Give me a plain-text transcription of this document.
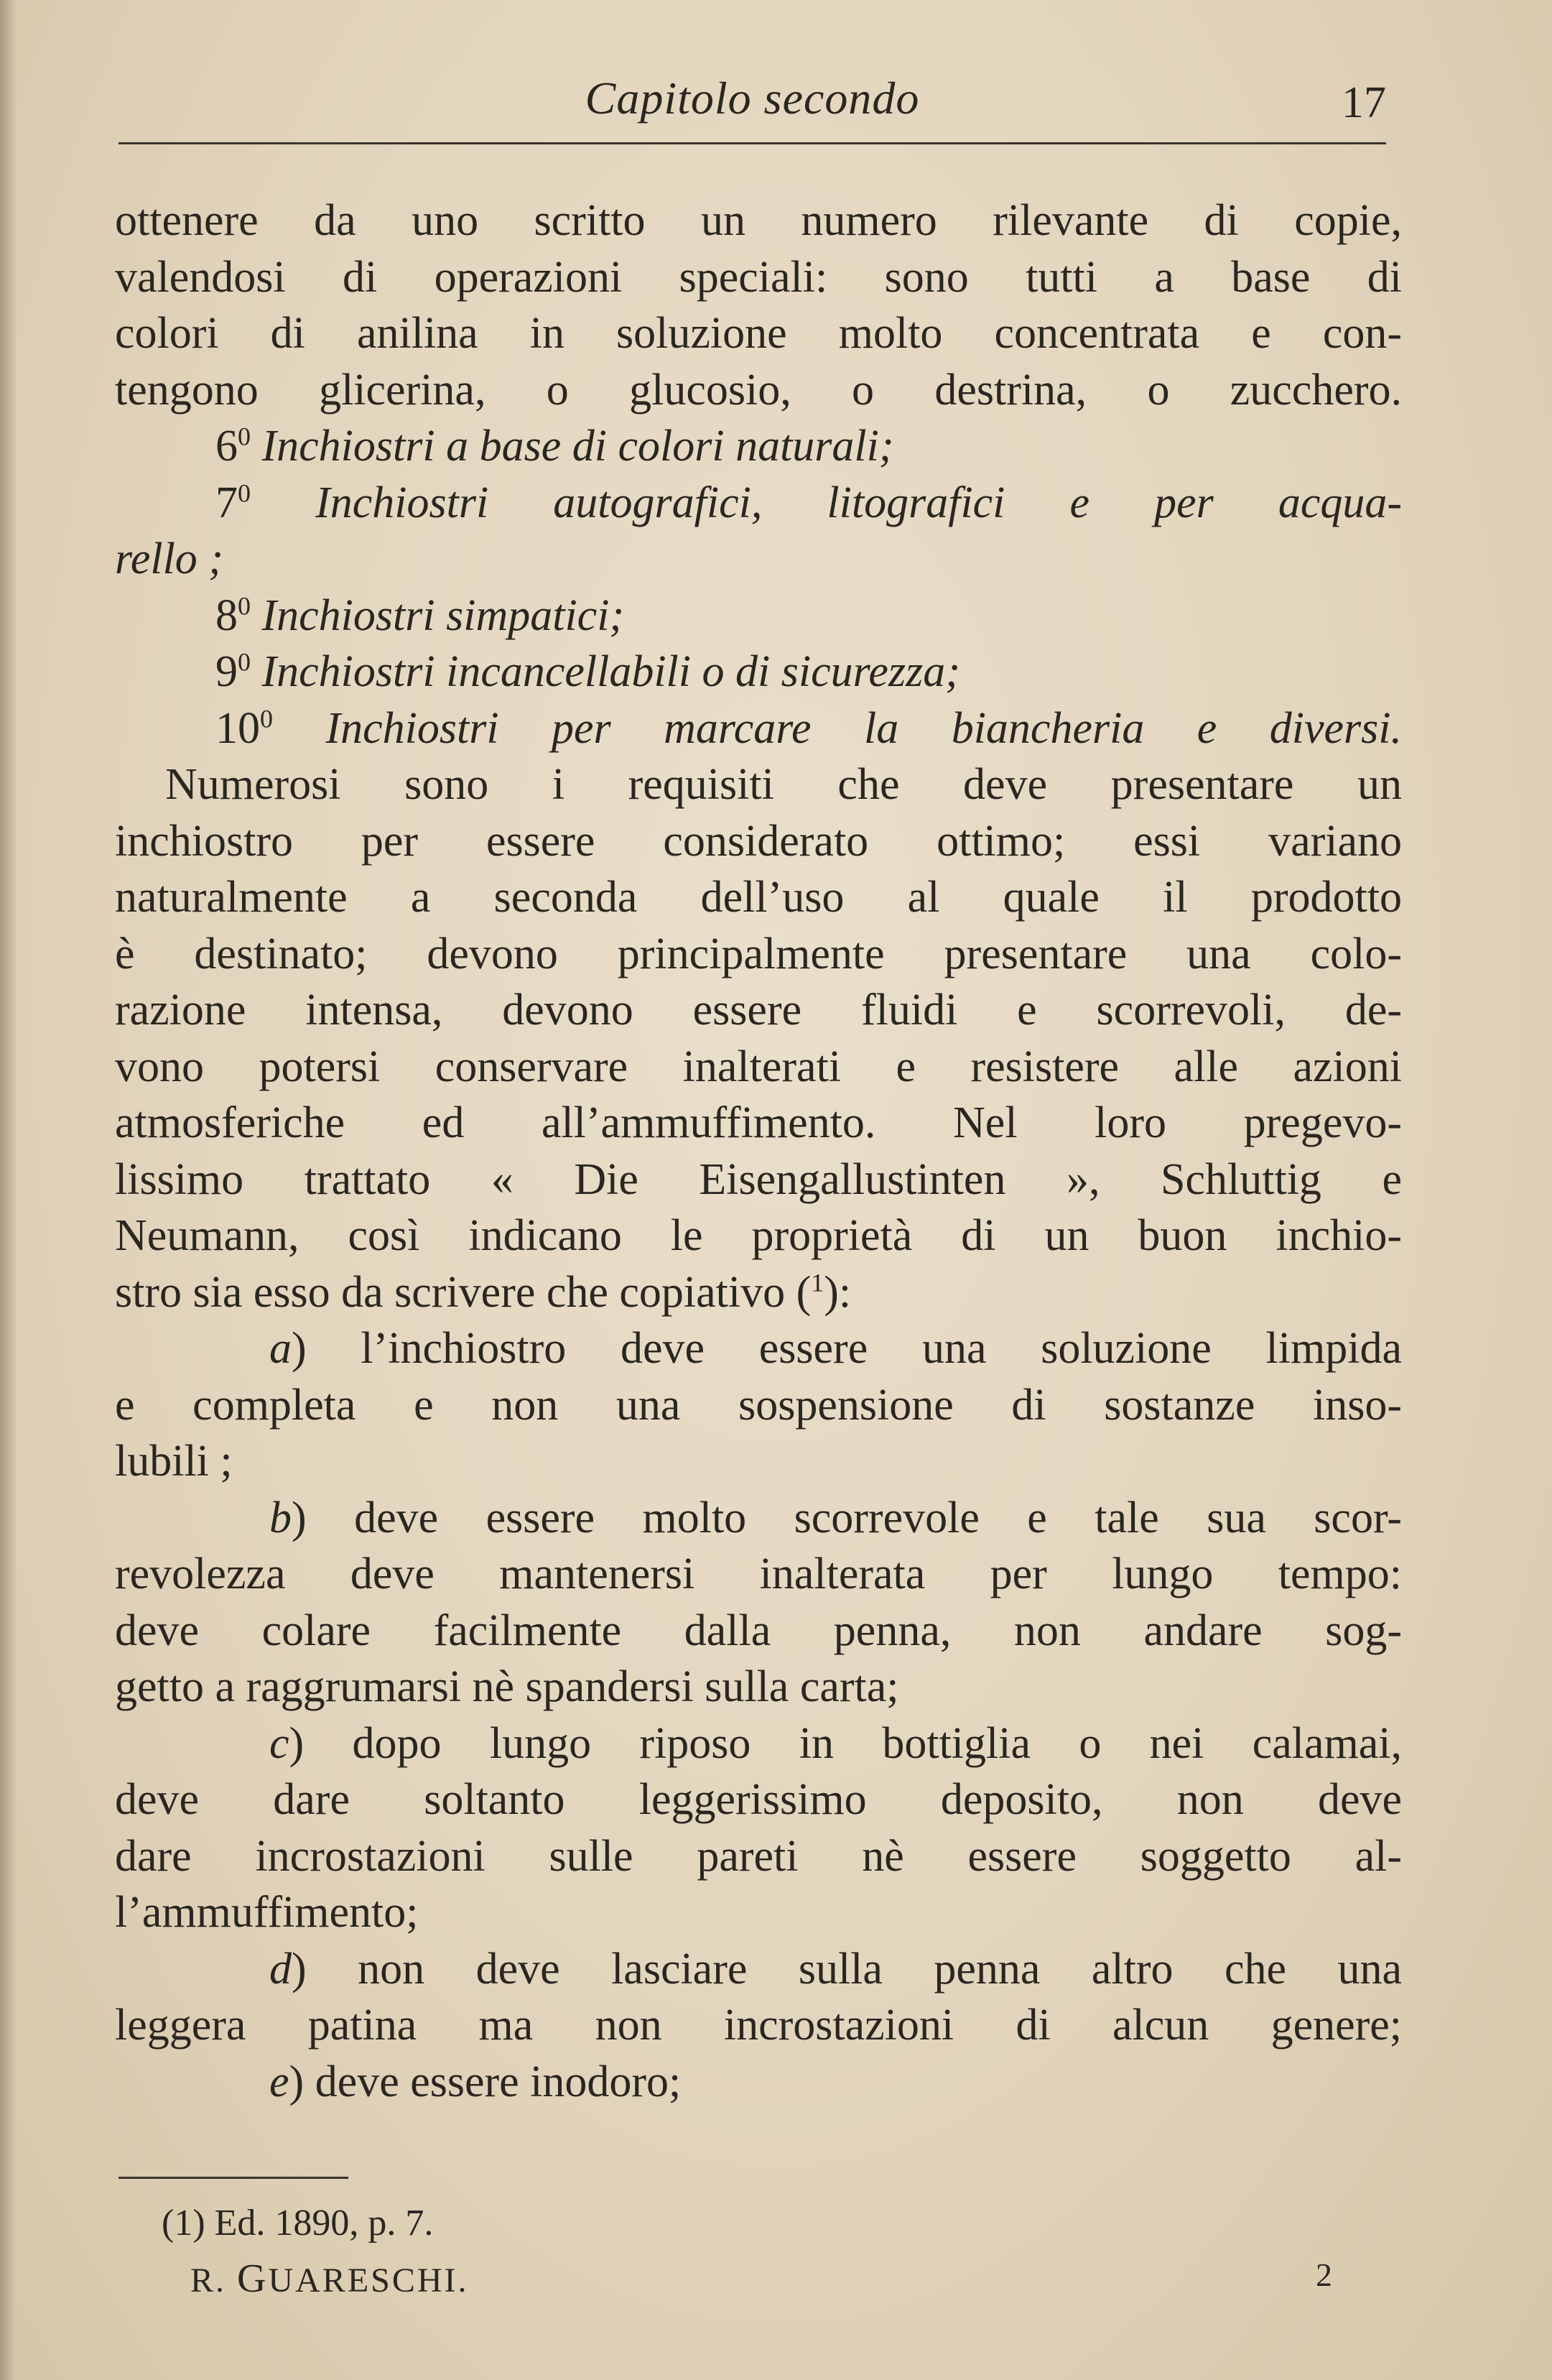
Capitolo secondo	17

ottenere da uno scritto un numero rilevante di copie,

valendosi di operazioni speciali: sono tutti a base di

colori di anilina in soluzione molto concentrata e con-

tengono glicerina, o glucosio, o destrina, o zucchero.

$6^0$ Inchiostri a base di colori naturali;

$7^0$ Inchiostri autografici, litografici e per acqua-

rello ;

$8^0$ Inchiostri simpatici;

$9^0$ Inchiostri incancellabili o di sicurezza;

$10^0$ Inchiostri per marcare la biancheria e diversi.

Numerosi sono i requisiti che deve presentare un

inchiostro per essere considerato ottimo; essi variano

naturalmente a seconda dell’uso al quale il prodotto

è destinato; devono principalmente presentare una colo-

razione intensa, devono essere fluidi e scorrevoli, de-

vono potersi conservare inalterati e resistere alle azioni

atmosferiche ed all’ammuffimento. Nel loro pregevo-

lissimo trattato « Die Eisengallustinten », Schluttig e

Neumann, così indicano le proprietà di un buon inchio-

stro sia esso da scrivere che copiativo ($^1$):

a) l’inchiostro deve essere una soluzione limpida

e completa e non una sospensione di sostanze inso-

lubili ;

b) deve essere molto scorrevole e tale sua scor-

revolezza deve mantenersi inalterata per lungo tempo:

deve colare facilmente dalla penna, non andare sog-

getto a raggrumarsi nè spandersi sulla carta;

c) dopo lungo riposo in bottiglia o nei calamai,

deve dare soltanto leggerissimo deposito, non deve

dare incrostazioni sulle pareti nè essere soggetto al-

l’ammuffimento;

d) non deve lasciare sulla penna altro che una

leggera patina ma non incrostazioni di alcun genere;

e) deve essere inodoro;

(1) Ed. 1890, p. 7.
R. GUARESCHI.	2
